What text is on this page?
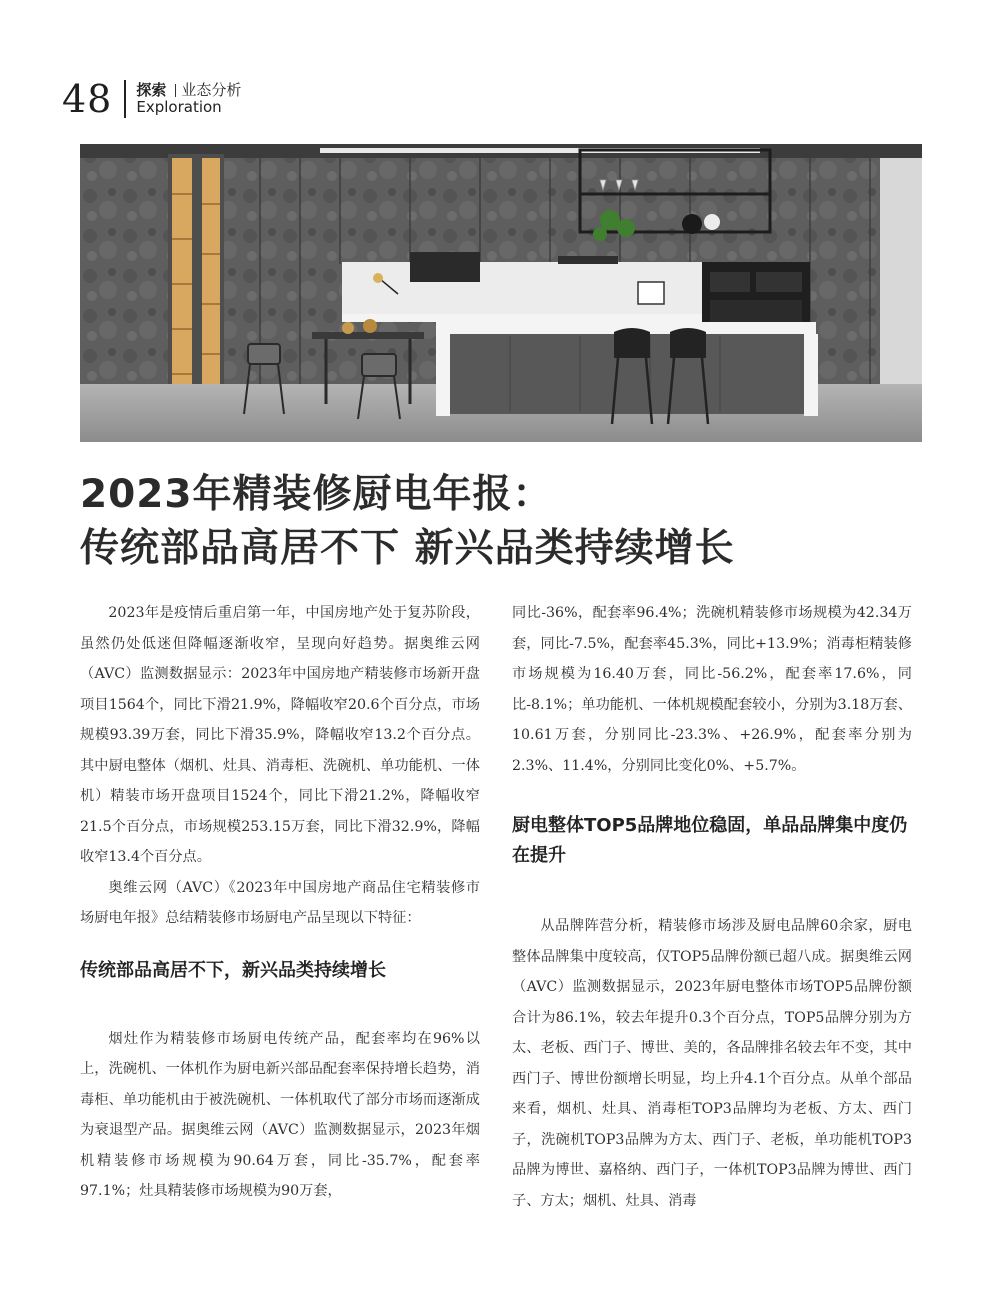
48 探索 业态分析
Exploration
2023年精装修厨电年报：
传统部品高居不下 新兴品类持续增长

2023年是疫情后重启第一年，中国房地产处于复苏阶段，虽然仍处低迷但降幅逐渐收窄，呈现向好趋势。据奥维云网（AVC）监测数据显示：2023年中国房地产精装修市场新开盘项目1564个，同比下滑21.9%，降幅收窄20.6个百分点，市场规模93.39万套，同比下滑35.9%，降幅收窄13.2个百分点。其中厨电整体（烟机、灶具、消毒柜、洗碗机、单功能机、一体机）精装市场开盘项目1524个，同比下滑21.2%，降幅收窄21.5个百分点，市场规模253.15万套，同比下滑32.9%，降幅收窄13.4个百分点。

奥维云网（AVC）《2023年中国房地产商品住宅精装修市场厨电年报》总结精装修市场厨电产品呈现以下特征：

传统部品高居不下，新兴品类持续增长

烟灶作为精装修市场厨电传统产品，配套率均在96%以上，洗碗机、一体机作为厨电新兴部品配套率保持增长趋势，消毒柜、单功能机由于被洗碗机、一体机取代了部分市场而逐渐成为衰退型产品。据奥维云网（AVC）监测数据显示，2023年烟机精装修市场规模为90.64万套，同比-35.7%，配套率97.1%；灶具精装修市场规模为90万套，

同比-36%，配套率96.4%；洗碗机精装修市场规模为42.34万套，同比-7.5%，配套率45.3%，同比+13.9%；消毒柜精装修市场规模为16.40万套，同比-56.2%，配套率17.6%，同比-8.1%；单功能机、一体机规模配套较小，分别为3.18万套、10.61万套，分别同比-23.3%、+26.9%，配套率分别为2.3%、11.4%，分别同比变化0%、+5.7%。

厨电整体TOP5品牌地位稳固，单品品牌集中度仍在提升

从品牌阵营分析，精装修市场涉及厨电品牌60余家，厨电整体品牌集中度较高，仅TOP5品牌份额已超八成。据奥维云网（AVC）监测数据显示，2023年厨电整体市场TOP5品牌份额合计为86.1%，较去年提升0.3个百分点，TOP5品牌分别为方太、老板、西门子、博世、美的，各品牌排名较去年不变，其中西门子、博世份额增长明显，均上升4.1个百分点。从单个部品来看，烟机、灶具、消毒柜TOP3品牌均为老板、方太、西门子，洗碗机TOP3品牌为方太、西门子、老板，单功能机TOP3品牌为博世、嘉格纳、西门子，一体机TOP3品牌为博世、西门子、方太；烟机、灶具、消毒
